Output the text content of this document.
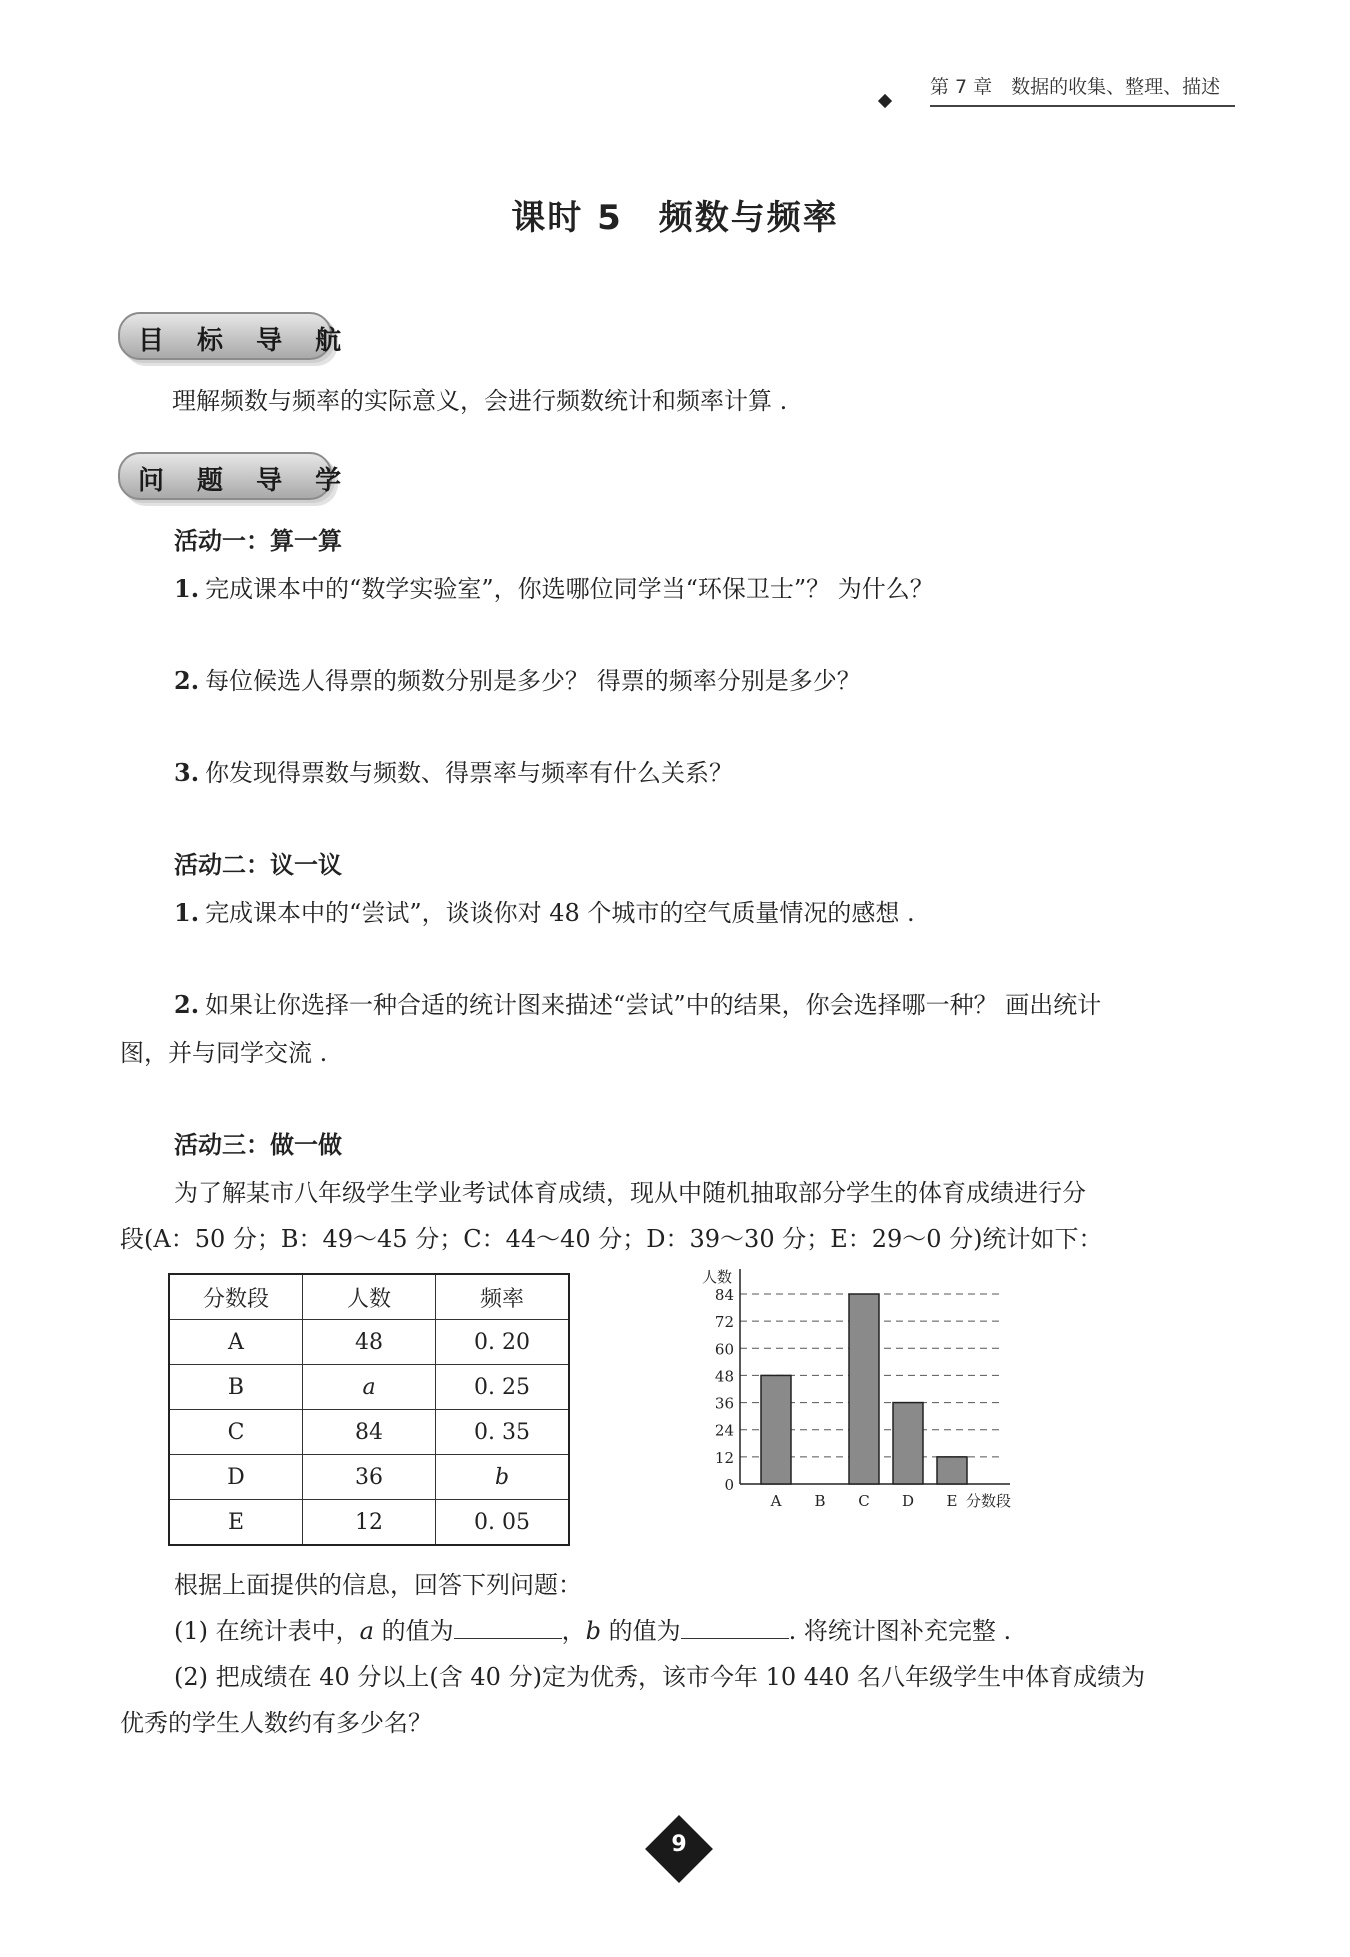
第 7 章　数据的收集、整理、描述
课时 5　频数与频率
目 标 导 航
理解频数与频率的实际意义，会进行频数统计和频率计算 .
问 题 导 学
活动一：算一算
1. 完成课本中的“数学实验室”，你选哪位同学当“环保卫士”？ 为什么？
2. 每位候选人得票的频数分别是多少？ 得票的频率分别是多少？
3. 你发现得票数与频数、得票率与频率有什么关系？
活动二：议一议
1. 完成课本中的“尝试”，谈谈你对 48 个城市的空气质量情况的感想 .
2. 如果让你选择一种合适的统计图来描述“尝试”中的结果，你会选择哪一种？ 画出统计
图，并与同学交流 .
活动三：做一做
为了解某市八年级学生学业考试体育成绩，现从中随机抽取部分学生的体育成绩进行分
段(A：50 分；B：49～45 分；C：44～40 分；D：39～30 分；E：29～0 分)统计如下：
分数段	人数	频率
A	48	0. 20
B	a	0. 25
C	84	0. 35
D	36	b
E	12	0. 05
0
12
24
36
48
60
72
84
人数
A B C D E 分数段
根据上面提供的信息，回答下列问题：
(1) 在统计表中，a 的值为	，b 的值为	. 将统计图补充完整 .
(2) 把成绩在 40 分以上(含 40 分)定为优秀，该市今年 10 440 名八年级学生中体育成绩为
优秀的学生人数约有多少名？
9
